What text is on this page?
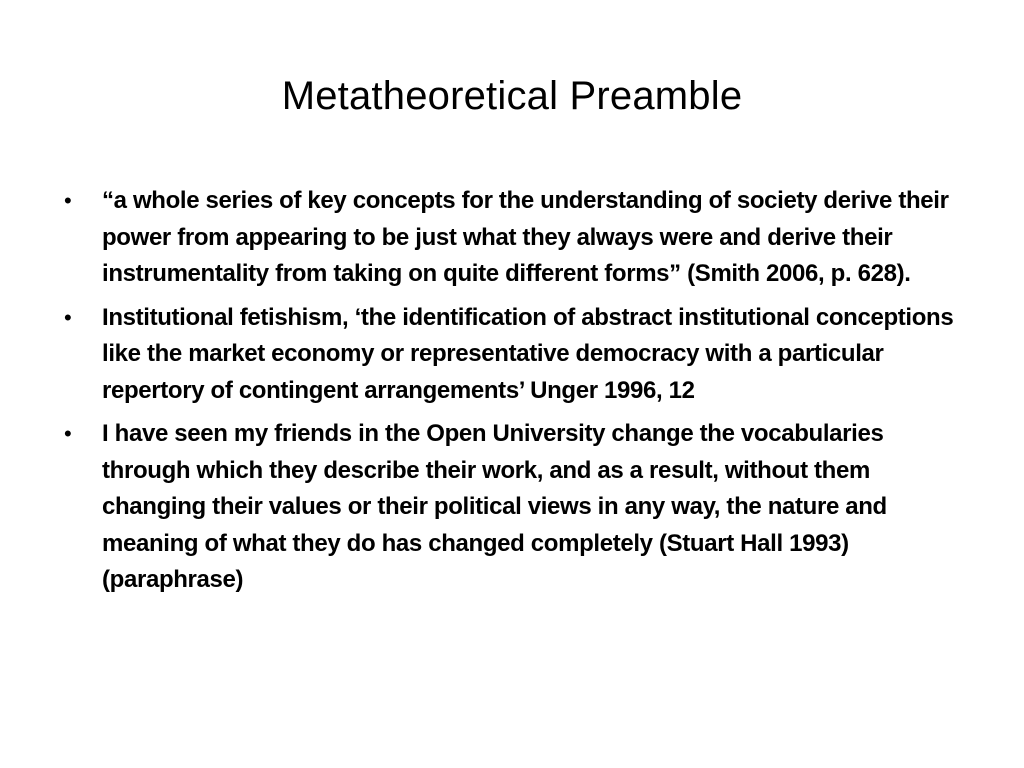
Metatheoretical Preamble
•	“a whole series of key concepts for the understanding of society derive their power from appearing to be just what they always were and derive their instrumentality from taking on quite different forms” (Smith 2006, p. 628).
•	Institutional fetishism, ‘the identification of abstract institutional conceptions like the market economy or representative democracy with a particular repertory of contingent arrangements’ Unger 1996, 12
•	I have seen my friends in the Open University change the vocabularies through which they describe their work, and as a result, without them changing their values or their political views in any way, the nature and meaning of what they do has changed completely (Stuart Hall 1993) (paraphrase)
